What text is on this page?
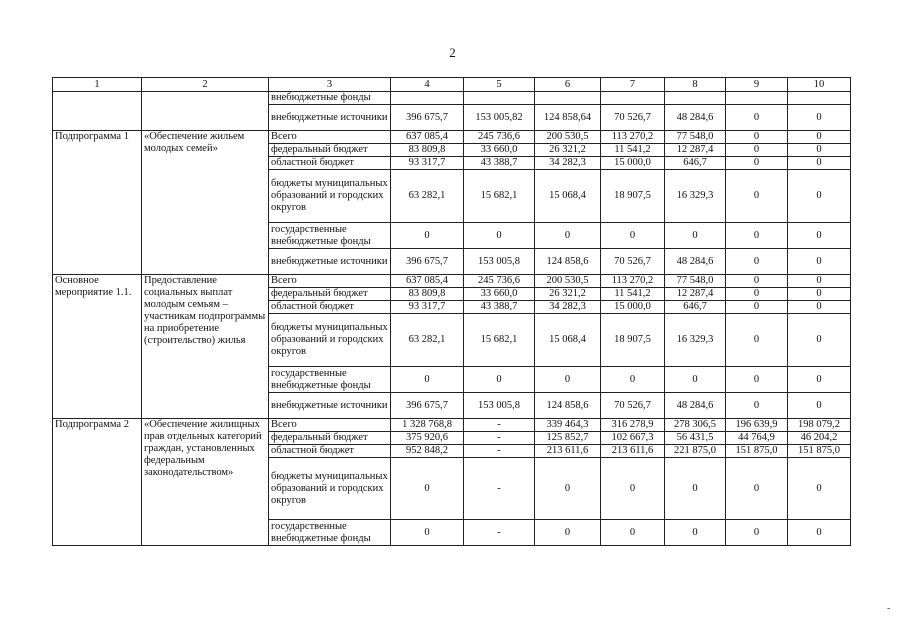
2
1	2	3	4	5	6	7	8	9	10
		внебюджетные фонды							
		внебюджетные источники	396 675,7	153 005,82	124 858,64	70 526,7	48 284,6	0	0
Подпрограмма 1	«Обеспечение жильем молодых семей»	Всего	637 085,4	245 736,6	200 530,5	113 270,2	77 548,0	0	0
		федеральный бюджет	83 809,8	33 660,0	26 321,2	11 541,2	12 287,4	0	0
		областной бюджет	93 317,7	43 388,7	34 282,3	15 000,0	646,7	0	0
		бюджеты муниципальных образований и городских округов	63 282,1	15 682,1	15 068,4	18 907,5	16 329,3	0	0
		государственные внебюджетные фонды	0	0	0	0	0	0	0
		внебюджетные источники	396 675,7	153 005,8	124 858,6	70 526,7	48 284,6	0	0
Основное мероприятие 1.1.	Предоставление социальных выплат молодым семьям – участникам подпрограммы на приобретение (строительство) жилья	Всего	637 085,4	245 736,6	200 530,5	113 270,2	77 548,0	0	0
		федеральный бюджет	83 809,8	33 660,0	26 321,2	11 541,2	12 287,4	0	0
		областной бюджет	93 317,7	43 388,7	34 282,3	15 000,0	646,7	0	0
		бюджеты муниципальных образований и городских округов	63 282,1	15 682,1	15 068,4	18 907,5	16 329,3	0	0
		государственные внебюджетные фонды	0	0	0	0	0	0	0
		внебюджетные источники	396 675,7	153 005,8	124 858,6	70 526,7	48 284,6	0	0
Подпрограмма 2	«Обеспечение жилищных прав отдельных категорий граждан, установленных федеральным законодательством»	Всего	1 328 768,8	-	339 464,3	316 278,9	278 306,5	196 639,9	198 079,2
		федеральный бюджет	375 920,6	-	125 852,7	102 667,3	56 431,5	44 764,9	46 204,2
		областной бюджет	952 848,2	-	213 611,6	213 611,6	221 875,0	151 875,0	151 875,0
		бюджеты муниципальных образований и городских округов	0	-	0	0	0	0	0
		государственные внебюджетные фонды	0	-	0	0	0	0	0
-
